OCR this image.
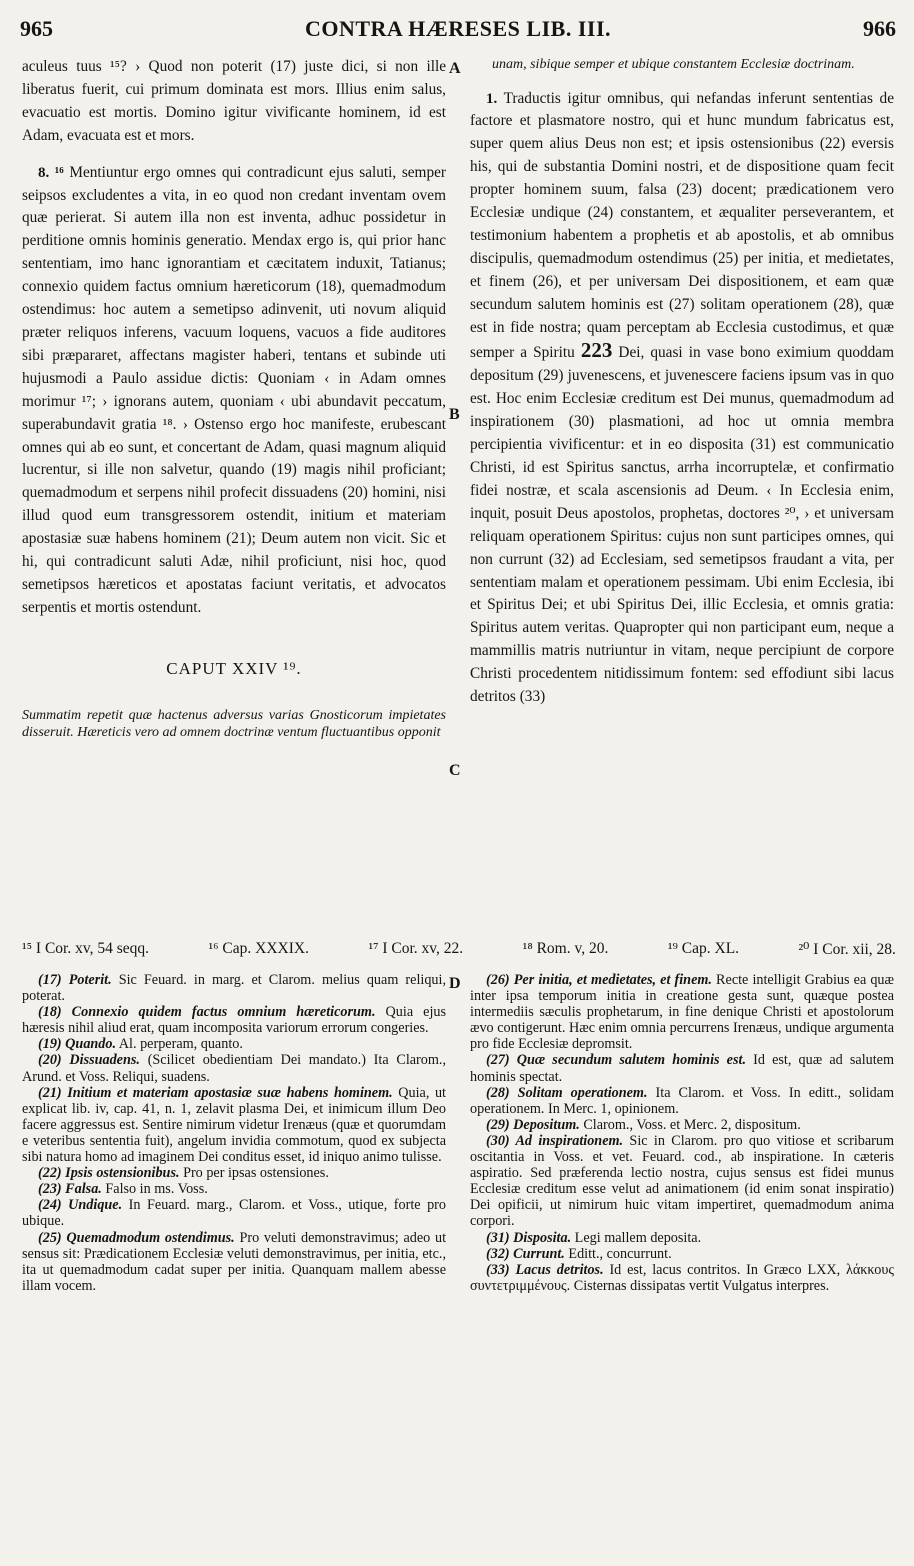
965	CONTRA HÆRESES LIB. III.	966
A
B
C
D

aculeus tuus ¹⁵? › Quod non poterit (17) juste dici, si non ille liberatus fuerit, cui primum dominata est mors. Illius enim salus, evacuatio est mortis. Domino igitur vivificante hominem, id est Adam, evacuata est et mors.

8. ¹⁶ Mentiuntur ergo omnes qui contradicunt ejus saluti, semper seipsos excludentes a vita, in eo quod non credant inventam ovem quæ perierat. Si autem illa non est inventa, adhuc possidetur in perditione omnis hominis generatio. Mendax ergo is, qui prior hanc sententiam, imo hanc ignorantiam et cæcitatem induxit, Tatianus; connexio quidem factus omnium hæreticorum (18), quemadmodum ostendimus: hoc autem a semetipso adinvenit, uti novum aliquid præter reliquos inferens, vacuum loquens, vacuos a fide auditores sibi præpararet, affectans magister haberi, tentans et subinde uti hujusmodi a Paulo assidue dictis: Quoniam ‹ in Adam omnes morimur ¹⁷; › ignorans autem, quoniam ‹ ubi abundavit peccatum, superabundavit gratia ¹⁸. › Ostenso ergo hoc manifeste, erubescant omnes qui ab eo sunt, et concertant de Adam, quasi magnum aliquid lucrentur, si ille non salvetur, quando (19) magis nihil proficiant; quemadmodum et serpens nihil profecit dissuadens (20) homini, nisi illud quod eum transgressorem ostendit, initium et materiam apostasiæ suæ habens hominem (21); Deum autem non vicit. Sic et hi, qui contradicunt saluti Adæ, nihil proficiunt, nisi hoc, quod semetipsos hæreticos et apostatas faciunt veritatis, et advocatos serpentis et mortis ostendunt.

CAPUT XXIV ¹⁹.
Summatim repetit quæ hactenus adversus varias Gnosticorum impietates disseruit. Hæreticis vero ad omnem doctrinæ ventum fluctuantibus opponit
unam, sibique semper et ubique constantem Ecclesiæ doctrinam.

1. Traductis igitur omnibus, qui nefandas inferunt sententias de factore et plasmatore nostro, qui et hunc mundum fabricatus est, super quem alius Deus non est; et ipsis ostensionibus (22) eversis his, qui de substantia Domini nostri, et de dispositione quam fecit propter hominem suum, falsa (23) docent; prædicationem vero Ecclesiæ undique (24) constantem, et æqualiter perseverantem, et testimonium habentem a prophetis et ab apostolis, et ab omnibus discipulis, quemadmodum ostendimus (25) per initia, et medietates, et finem (26), et per universam Dei dispositionem, et eam quæ secundum salutem hominis est (27) solitam operationem (28), quæ est in fide nostra; quam perceptam ab Ecclesia custodimus, et quæ semper a Spiritu 223 Dei, quasi in vase bono eximium quoddam depositum (29) juvenescens, et juvenescere faciens ipsum vas in quo est. Hoc enim Ecclesiæ creditum est Dei munus, quemadmodum ad inspirationem (30) plasmationi, ad hoc ut omnia membra percipientia vivificentur: et in eo disposita (31) est communicatio Christi, id est Spiritus sanctus, arrha incorruptelæ, et confirmatio fidei nostræ, et scala ascensionis ad Deum. ‹ In Ecclesia enim, inquit, posuit Deus apostolos, prophetas, doctores ²⁰, › et universam reliquam operationem Spiritus: cujus non sunt participes omnes, qui non currunt (32) ad Ecclesiam, sed semetipsos fraudant a vita, per sententiam malam et operationem pessimam. Ubi enim Ecclesia, ibi et Spiritus Dei; et ubi Spiritus Dei, illic Ecclesia, et omnis gratia: Spiritus autem veritas. Quapropter qui non participant eum, neque a mammillis matris nutriuntur in vitam, neque percipiunt de corpore Christi procedentem nitidissimum fontem: sed effodiunt sibi lacus detritos (33)

¹⁵ I Cor. xv, 54 seqq.	¹⁶ Cap. XXXIX.	¹⁷ I Cor. xv, 22.	¹⁸ Rom. v, 20.	¹⁹ Cap. XL.	²⁰ I Cor. xii, 28.

(17) Poterit. Sic Feuard. in marg. et Clarom. melius quam reliqui, poterat.

(18) Connexio quidem factus omnium hæreticorum. Quia ejus hæresis nihil aliud erat, quam incomposita variorum errorum congeries.

(19) Quando. Al. perperam, quanto.

(20) Dissuadens. (Scilicet obedientiam Dei mandato.) Ita Clarom., Arund. et Voss. Reliqui, suadens.

(21) Initium et materiam apostasiæ suæ habens hominem. Quia, ut explicat lib. iv, cap. 41, n. 1, zelavit plasma Dei, et inimicum illum Deo facere aggressus est. Sentire nimirum videtur Irenæus (quæ et quorumdam e veteribus sententia fuit), angelum invidia commotum, quod ex subjecta sibi natura homo ad imaginem Dei conditus esset, id iniquo animo tulisse.

(22) Ipsis ostensionibus. Pro per ipsas ostensiones.

(23) Falsa. Falso in ms. Voss.

(24) Undique. In Feuard. marg., Clarom. et Voss., utique, forte pro ubique.

(25) Quemadmodum ostendimus. Pro veluti demonstravimus; adeo ut sensus sit: Prædicationem Ecclesiæ veluti demonstravimus, per initia, etc., ita ut quemadmodum cadat super per initia. Quanquam mallem abesse illam vocem.

(26) Per initia, et medietates, et finem. Recte intelligit Grabius ea quæ inter ipsa temporum initia in creatione gesta sunt, quæque postea intermediis sæculis prophetarum, in fine denique Christi et apostolorum ævo contigerunt. Hæc enim omnia percurrens Irenæus, undique argumenta pro fide Ecclesiæ depromsit.

(27) Quæ secundum salutem hominis est. Id est, quæ ad salutem hominis spectat.

(28) Solitam operationem. Ita Clarom. et Voss. In editt., solidam operationem. In Merc. 1, opinionem.

(29) Depositum. Clarom., Voss. et Merc. 2, dispositum.

(30) Ad inspirationem. Sic in Clarom. pro quo vitiose et scribarum oscitantia in Voss. et vet. Feuard. cod., ab inspiratione. In cæteris aspiratio. Sed præferenda lectio nostra, cujus sensus est fidei munus Ecclesiæ creditum esse velut ad animationem (id enim sonat inspiratio) Dei opificii, ut nimirum huic vitam impertiret, quemadmodum anima corpori.

(31) Disposita. Legi mallem deposita.

(32) Currunt. Editt., concurrunt.

(33) Lacus detritos. Id est, lacus contritos. In Græco LXX, λάκκους συντετριμμένους. Cisternas dissipatas vertit Vulgatus interpres.
